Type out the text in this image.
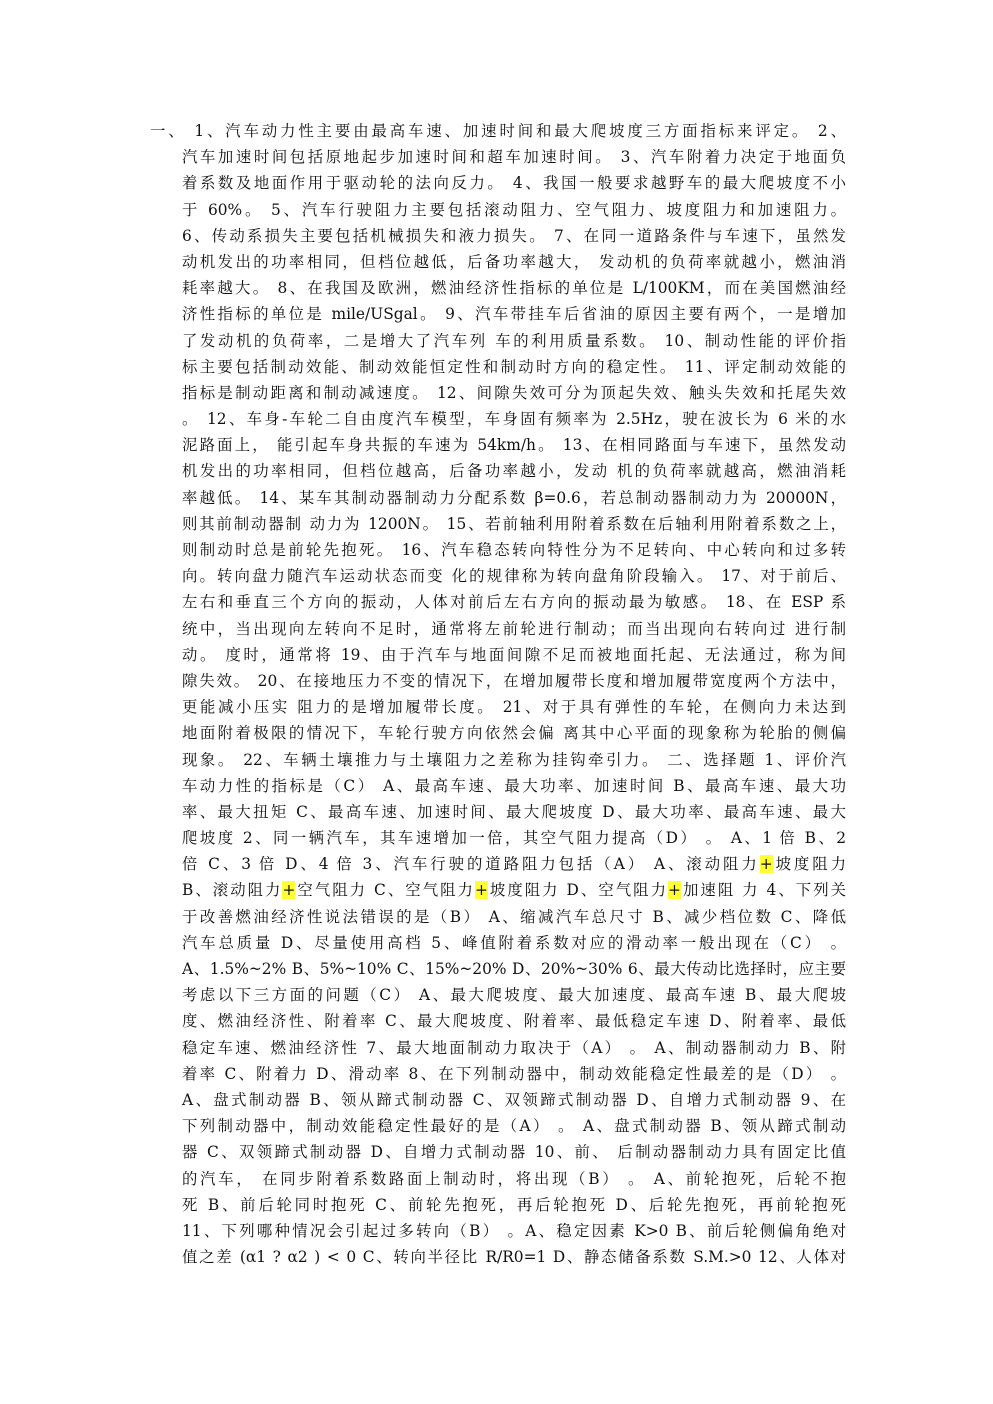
一、 1、汽车动力性主要由最高车速、加速时间和最大爬坡度三方面指标来评定。 2、
汽车加速时间包括原地起步加速时间和超车加速时间。 3、汽车附着力决定于地面负
着系数及地面作用于驱动轮的法向反力。 4、我国一般要求越野车的最大爬坡度不小
于 60%。 5、汽车行驶阻力主要包括滚动阻力、空气阻力、坡度阻力和加速阻力。
6、传动系损失主要包括机械损失和液力损失。 7、在同一道路条件与车速下，虽然发
动机发出的功率相同，但档位越低，后备功率越大， 发动机的负荷率就越小，燃油消
耗率越大。 8、在我国及欧洲，燃油经济性指标的单位是 L/100KM，而在美国燃油经
济性指标的单位是 mile/USgal。 9、汽车带挂车后省油的原因主要有两个，一是增加
了发动机的负荷率，二是增大了汽车列 车的利用质量系数。 10、制动性能的评价指
标主要包括制动效能、制动效能恒定性和制动时方向的稳定性。 11、评定制动效能的
指标是制动距离和制动减速度。 12、间隙失效可分为顶起失效、触头失效和托尾失效
。 12、车身-车轮二自由度汽车模型，车身固有频率为 2.5Hz，驶在波长为 6 米的水
泥路面上， 能引起车身共振的车速为 54km/h。 13、在相同路面与车速下，虽然发动
机发出的功率相同，但档位越高，后备功率越小，发动 机的负荷率就越高，燃油消耗
率越低。 14、某车其制动器制动力分配系数 β=0.6，若总制动器制动力为 20000N，
则其前制动器制 动力为 1200N。 15、若前轴利用附着系数在后轴利用附着系数之上，
则制动时总是前轮先抱死。 16、汽车稳态转向特性分为不足转向、中心转向和过多转
向。转向盘力随汽车运动状态而变 化的规律称为转向盘角阶段输入。 17、对于前后、
左右和垂直三个方向的振动，人体对前后左右方向的振动最为敏感。 18、在 ESP 系
统中，当出现向左转向不足时，通常将左前轮进行制动；而当出现向右转向过 进行制
动。 度时，通常将 19、由于汽车与地面间隙不足而被地面托起、无法通过，称为间
隙失效。 20、在接地压力不变的情况下，在增加履带长度和增加履带宽度两个方法中，
更能减小压实 阻力的是增加履带长度。 21、对于具有弹性的车轮，在侧向力未达到
地面附着极限的情况下，车轮行驶方向依然会偏 离其中心平面的现象称为轮胎的侧偏
现象。 22、车辆土壤推力与土壤阻力之差称为挂钩牵引力。 二、选择题 1、评价汽
车动力性的指标是（C） A、最高车速、最大功率、加速时间 B、最高车速、最大功
率、最大扭矩 C、最高车速、加速时间、最大爬坡度 D、最大功率、最高车速、最大
爬坡度 2、同一辆汽车，其车速增加一倍，其空气阻力提高（D） 。 A、1 倍 B、2
倍 C、3 倍 D、4 倍 3、汽车行驶的道路阻力包括（A） A、滚动阻力+坡度阻力
B、滚动阻力+空气阻力 C、空气阻力+坡度阻力 D、空气阻力+加速阻 力 4、下列关
于改善燃油经济性说法错误的是（B） A、缩减汽车总尺寸 B、减少档位数 C、降低
汽车总质量 D、尽量使用高档 5、峰值附着系数对应的滑动率一般出现在（C） 。
A、1.5%~2% B、5%~10% C、15%~20% D、20%~30% 6、最大传动比选择时，应主要
考虑以下三方面的问题（C） A、最大爬坡度、最大加速度、最高车速 B、最大爬坡
度、燃油经济性、附着率 C、最大爬坡度、附着率、最低稳定车速 D、附着率、最低
稳定车速、燃油经济性 7、最大地面制动力取决于（A） 。 A、制动器制动力 B、附
着率 C、附着力 D、滑动率 8、在下列制动器中，制动效能稳定性最差的是（D） 。
A、盘式制动器 B、领从蹄式制动器 C、双领蹄式制动器 D、自增力式制动器 9、在
下列制动器中，制动效能稳定性最好的是（A） 。 A、盘式制动器 B、领从蹄式制动
器 C、双领蹄式制动器 D、自增力式制动器 10、前、 后制动器制动力具有固定比值
的汽车， 在同步附着系数路面上制动时，将出现（B） 。 A、前轮抱死，后轮不抱
死 B、前后轮同时抱死 C、前轮先抱死，再后轮抱死 D、后轮先抱死，再前轮抱死
11、下列哪种情况会引起过多转向（B） 。A、稳定因素 K>0 B、前后轮侧偏角绝对
值之差 (α1 ? α2 ) < 0 C、转向半径比 R/R0=1 D、静态储备系数 S.M.>0 12、人体对
